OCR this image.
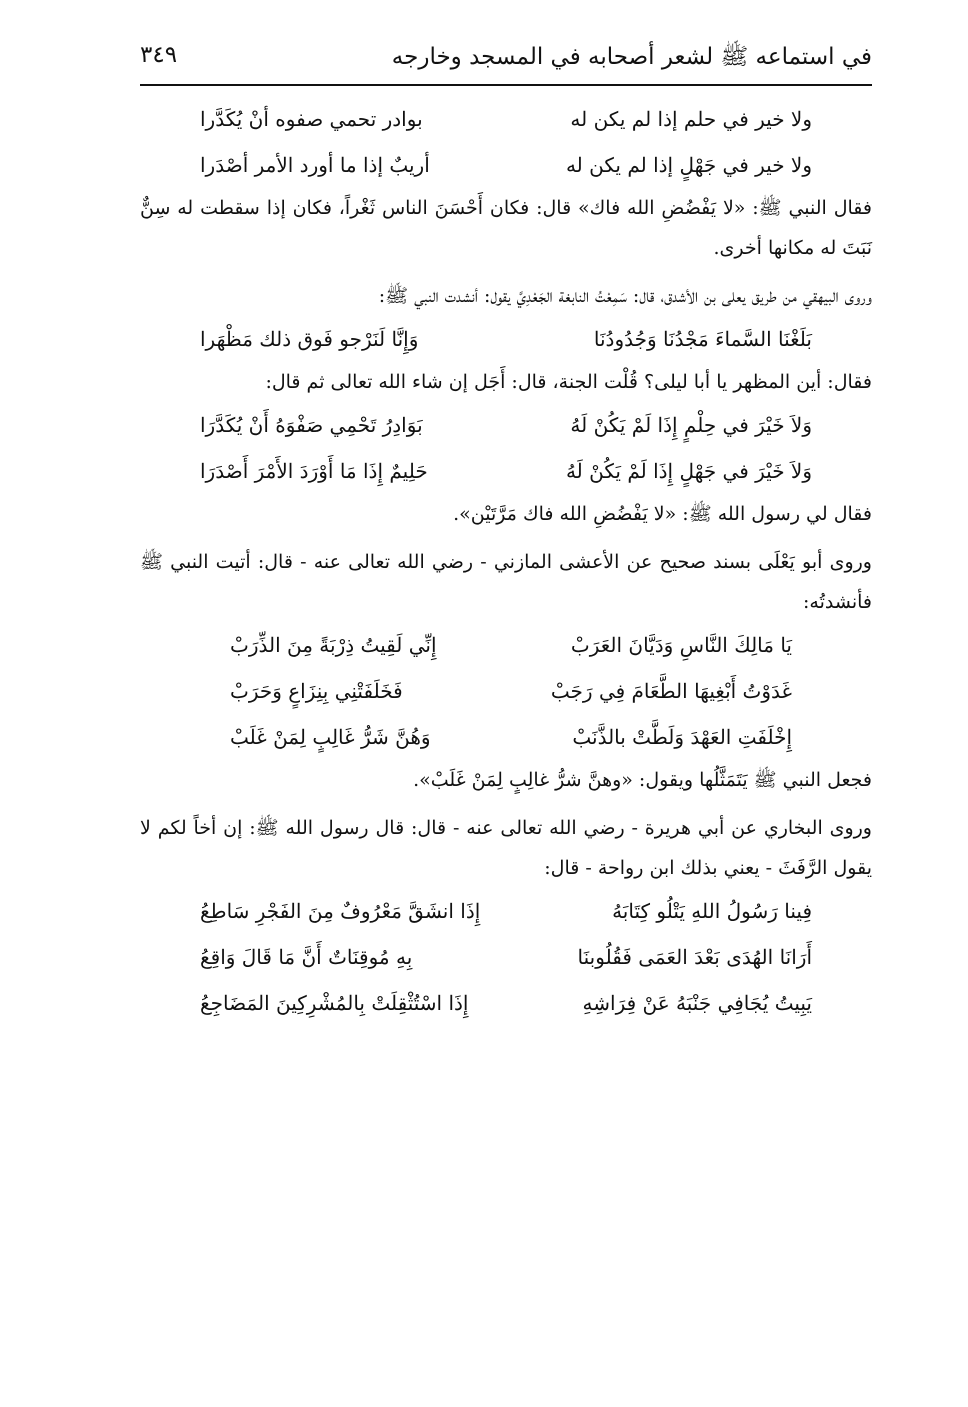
في استماعه ﷺ لشعر أصحابه في المسجد وخارجه
٣٤٩
ولا خير في حلم إذا لم يكن له
بوادر تحمي صفوه أنْ يُكَدَّرا
ولا خير في جَهْلٍ إذا لم يكن له
أريبٌ إذا ما أورد الأمر أصْدَرا

فقال النبي ﷺ: «لا يَفْضُضِ الله فاك» قال: فكان أَحْسَنَ الناس ثَغْراً، فكان إذا سقطت له سِنٌّ نَبَتَ له مكانها أخرى.

وروى البيهقي من طريق يعلى بن الأشدق، قال: سَمِعْتُ النابغة الجَعْدِيَّ يقول: أنشدت النبي ﷺ:

بَلَغْنَا السَّماءَ مَجْدُنَا وَجُدُودُنَا
وَإِنَّا لَنَرْجو فَوق ذلك مَظْهَرا

فقال: أين المظهر يا أبا ليلى؟ قُلْت الجنة، قال: أَجَل إن شاء الله تعالى ثم قال:

وَلاَ خَيْرَ في حِلْمٍ إِذَا لَمْ يَكُنْ لَهُ
بَوَادِرُ تَحْمِي صَفْوَهُ أَنْ يُكَدَّرَا
وَلاَ خَيْرَ في جَهْلٍ إِذَا لَمْ يَكُنْ لَهُ
حَلِيمٌ إِذَا مَا أَوْرَدَ الأَمْرَ أَصْدَرَا

فقال لي رسول الله ﷺ: «لا يَفْضُضِ الله فاك مَرَّتَيْن».

وروى أبو يَعْلَى بسند صحيح عن الأعشى المازني - رضي الله تعالى عنه - قال: أتيت النبي ﷺ فأنشدتُه:

يَا مَالِكَ النَّاسِ وَدَيَّانَ العَرَبْ
إِنِّي لَقِيتُ ذِرْبَةً مِنَ الذِّرَبْ
غَدَوْتُ أَبْغِيهَا الطَّعَامَ فِي رَجَبْ
فَخَلَفَتْنِي بِنِزَاعٍ وَحَرَبْ
إِخْلَفَتِ العَهْدَ وَلَطَّتْ بالذَّنَبْ
وَهُنَّ شَرُّ غَالِبٍ لِمَنْ غَلَبْ

فجعل النبي ﷺ يَتَمَثَّلُها ويقول: «وهنَّ شرُّ غالِبٍ لِمَنْ غَلَبْ».

وروى البخاري عن أبي هريرة - رضي الله تعالى عنه - قال: قال رسول الله ﷺ: إن أخاً لكم لا يقول الرَّفَثَ - يعني بذلك ابن رواحة - قال:

فِينا رَسُولُ اللهِ يَتْلُو كِتَابَهُ
إِذَا انشَقَّ مَعْرُوفٌ مِنَ الفَجْرِ سَاطِعُ
أَرَانَا الهُدَى بَعْدَ العَمَى فَقُلُوبنَا
بِهِ مُوقِنَاتٌ أَنَّ مَا قَالَ وَاقِعُ
يَبِيتُ يُجَافِي جَنْبَهُ عَنْ فِرَاشِهِ
إِذَا اسْتُثْقِلَتْ بِالمُشْرِكِينَ المَضَاجِعُ
